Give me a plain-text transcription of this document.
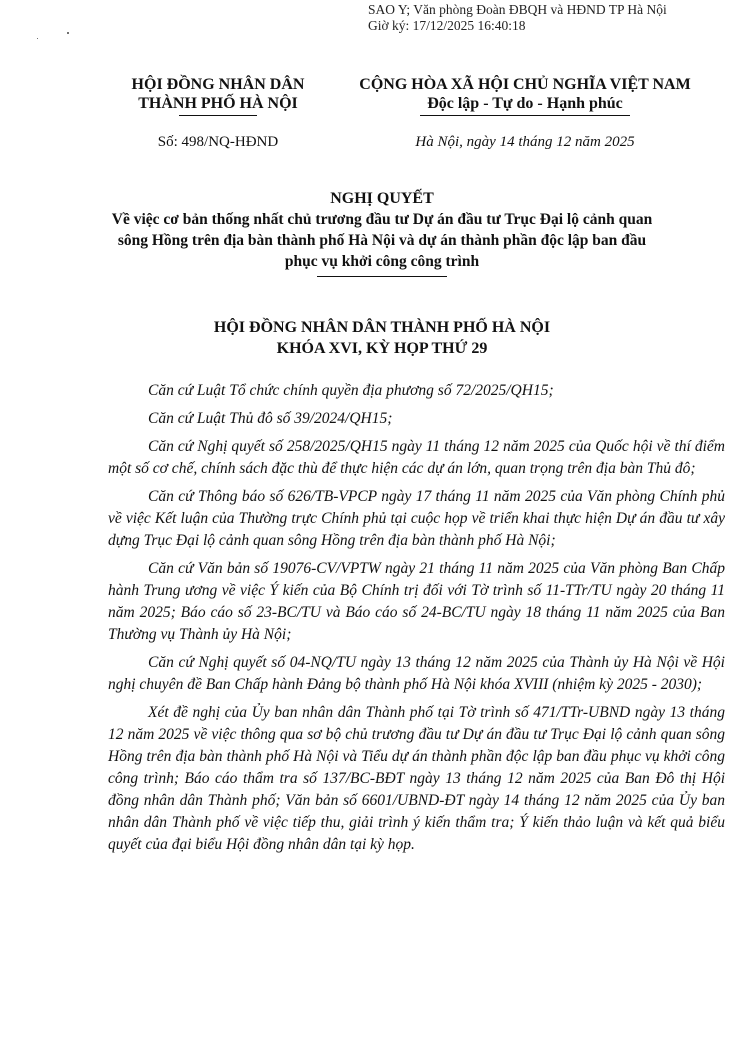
SAO Y; Văn phòng Đoàn ĐBQH và HĐND TP Hà Nội
Giờ ký: 17/12/2025 16:40:18
HỘI ĐỒNG NHÂN DÂN
THÀNH PHỐ HÀ NỘI
CỘNG HÒA XÃ HỘI CHỦ NGHĨA VIỆT NAM
Độc lập - Tự do - Hạnh phúc
Số: 498/NQ-HĐND	Hà Nội, ngày 14 tháng 12 năm 2025
NGHỊ QUYẾT
Về việc cơ bản thống nhất chủ trương đầu tư Dự án đầu tư Trục Đại lộ cảnh quan
sông Hồng trên địa bàn thành phố Hà Nội và dự án thành phần độc lập ban đầu
phục vụ khởi công công trình
HỘI ĐỒNG NHÂN DÂN THÀNH PHỐ HÀ NỘI
KHÓA XVI, KỲ HỌP THỨ 29

Căn cứ Luật Tổ chức chính quyền địa phương số 72/2025/QH15;

Căn cứ Luật Thủ đô số 39/2024/QH15;

Căn cứ Nghị quyết số 258/2025/QH15 ngày 11 tháng 12 năm 2025 của Quốc hội về thí điểm một số cơ chế, chính sách đặc thù để thực hiện các dự án lớn, quan trọng trên địa bàn Thủ đô;

Căn cứ Thông báo số 626/TB-VPCP ngày 17 tháng 11 năm 2025 của Văn phòng Chính phủ về việc Kết luận của Thường trực Chính phủ tại cuộc họp về triển khai thực hiện Dự án đầu tư xây dựng Trục Đại lộ cảnh quan sông Hồng trên địa bàn thành phố Hà Nội;

Căn cứ Văn bản số 19076-CV/VPTW ngày 21 tháng 11 năm 2025 của Văn phòng Ban Chấp hành Trung ương về việc Ý kiến của Bộ Chính trị đối với Tờ trình số 11-TTr/TU ngày 20 tháng 11 năm 2025; Báo cáo số 23-BC/TU và Báo cáo số 24-BC/TU ngày 18 tháng 11 năm 2025 của Ban Thường vụ Thành ủy Hà Nội;

Căn cứ Nghị quyết số 04-NQ/TU ngày 13 tháng 12 năm 2025 của Thành ủy Hà Nội về Hội nghị chuyên đề Ban Chấp hành Đảng bộ thành phố Hà Nội khóa XVIII (nhiệm kỳ 2025 - 2030);

Xét đề nghị của Ủy ban nhân dân Thành phố tại Tờ trình số 471/TTr-UBND ngày 13 tháng 12 năm 2025 về việc thông qua sơ bộ chủ trương đầu tư Dự án đầu tư Trục Đại lộ cảnh quan sông Hồng trên địa bàn thành phố Hà Nội và Tiểu dự án thành phần độc lập ban đầu phục vụ khởi công công trình; Báo cáo thẩm tra số 137/BC-BĐT ngày 13 tháng 12 năm 2025 của Ban Đô thị Hội đồng nhân dân Thành phố; Văn bản số 6601/UBND-ĐT ngày 14 tháng 12 năm 2025 của Ủy ban nhân dân Thành phố về việc tiếp thu, giải trình ý kiến thẩm tra; Ý kiến thảo luận và kết quả biểu quyết của đại biểu Hội đồng nhân dân tại kỳ họp.
